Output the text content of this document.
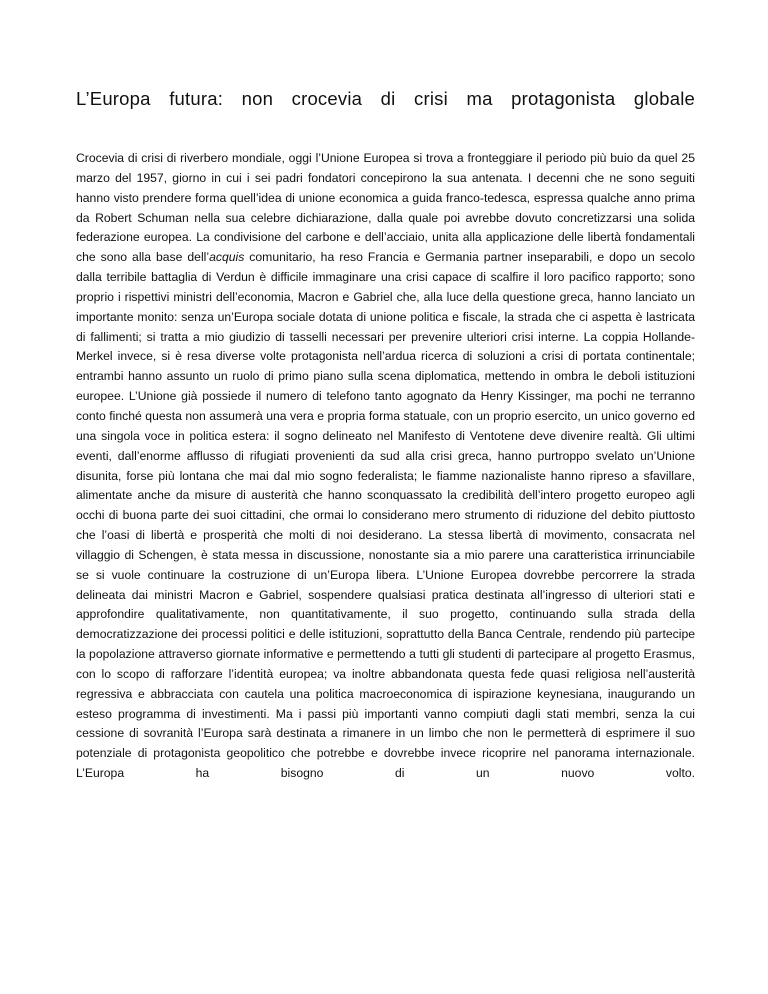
L’Europa futura: non crocevia di crisi ma protagonista globale

Crocevia di crisi di riverbero mondiale, oggi l’Unione Europea si trova a fronteggiare il periodo più buio da quel 25 marzo del 1957, giorno in cui i sei padri fondatori concepirono la sua antenata. I decenni che ne sono seguiti hanno visto prendere forma quell’idea di unione economica a guida franco-tedesca, espressa qualche anno prima da Robert Schuman nella sua celebre dichiarazione, dalla quale poi avrebbe dovuto concretizzarsi una solida federazione europea. La condivisione del carbone e dell’acciaio, unita alla applicazione delle libertà fondamentali che sono alla base dell’acquis comunitario, ha reso Francia e Germania partner inseparabili, e dopo un secolo dalla terribile battaglia di Verdun è difficile immaginare una crisi capace di scalfire il loro pacifico rapporto; sono proprio i rispettivi ministri dell’economia, Macron e Gabriel che, alla luce della questione greca, hanno lanciato un importante monito: senza un’Europa sociale dotata di unione politica e fiscale, la strada che ci aspetta è lastricata di fallimenti; si tratta a mio giudizio di tasselli necessari per prevenire ulteriori crisi interne. La coppia Hollande-Merkel invece, si è resa diverse volte protagonista nell’ardua ricerca di soluzioni a crisi di portata continentale; entrambi hanno assunto un ruolo di primo piano sulla scena diplomatica, mettendo in ombra le deboli istituzioni europee. L’Unione già possiede il numero di telefono tanto agognato da Henry Kissinger, ma pochi ne terranno conto finché questa non assumerà una vera e propria forma statuale, con un proprio esercito, un unico governo ed una singola voce in politica estera: il sogno delineato nel Manifesto di Ventotene deve divenire realtà. Gli ultimi eventi, dall’enorme afflusso di rifugiati provenienti da sud alla crisi greca, hanno purtroppo svelato un’Unione disunita, forse più lontana che mai dal mio sogno federalista; le fiamme nazionaliste hanno ripreso a sfavillare, alimentate anche da misure di austerità che hanno sconquassato la credibilità dell’intero progetto europeo agli occhi di buona parte dei suoi cittadini, che ormai lo considerano mero strumento di riduzione del debito piuttosto che l’oasi di libertà e prosperità che molti di noi desiderano. La stessa libertà di movimento, consacrata nel villaggio di Schengen, è stata messa in discussione, nonostante sia a mio parere una caratteristica irrinunciabile se si vuole continuare la costruzione di un’Europa libera. L’Unione Europea dovrebbe percorrere la strada delineata dai ministri Macron e Gabriel, sospendere qualsiasi pratica destinata all’ingresso di ulteriori stati e approfondire qualitativamente, non quantitativamente, il suo progetto, continuando sulla strada della democratizzazione dei processi politici e delle istituzioni, soprattutto della Banca Centrale, rendendo più partecipe la popolazione attraverso giornate informative e permettendo a tutti gli studenti di partecipare al progetto Erasmus, con lo scopo di rafforzare l’identità europea; va inoltre abbandonata questa fede quasi religiosa nell’austerità regressiva e abbracciata con cautela una politica macroeconomica di ispirazione keynesiana, inaugurando un esteso programma di investimenti. Ma i passi più importanti vanno compiuti dagli stati membri, senza la cui cessione di sovranità l’Europa sarà destinata a rimanere in un limbo che non le permetterà di esprimere il suo potenziale di protagonista geopolitico che potrebbe e dovrebbe invece ricoprire nel panorama internazionale. L’Europa ha bisogno di un nuovo volto.
